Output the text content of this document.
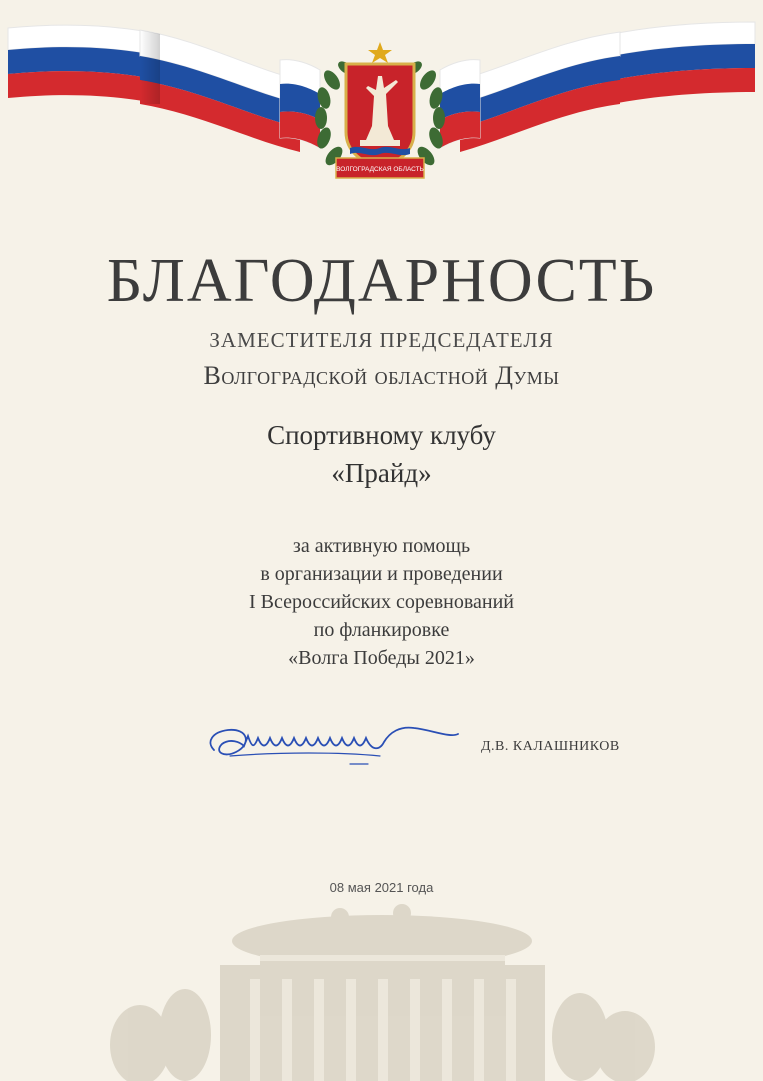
ВОЛГОГРАДСКАЯ ОБЛАСТЬ
БЛАГОДАРНОСТЬ
ЗАМЕСТИТЕЛЯ ПРЕДСЕДАТЕЛЯ
Волгоградской областной Думы
Спортивному клубу
«Прайд»
за активную помощь
в организации и проведении
I Всероссийских соревнований
по фланкировке
«Волга Победы 2021»
Д.В. КАЛАШНИКОВ
08 мая 2021 года
